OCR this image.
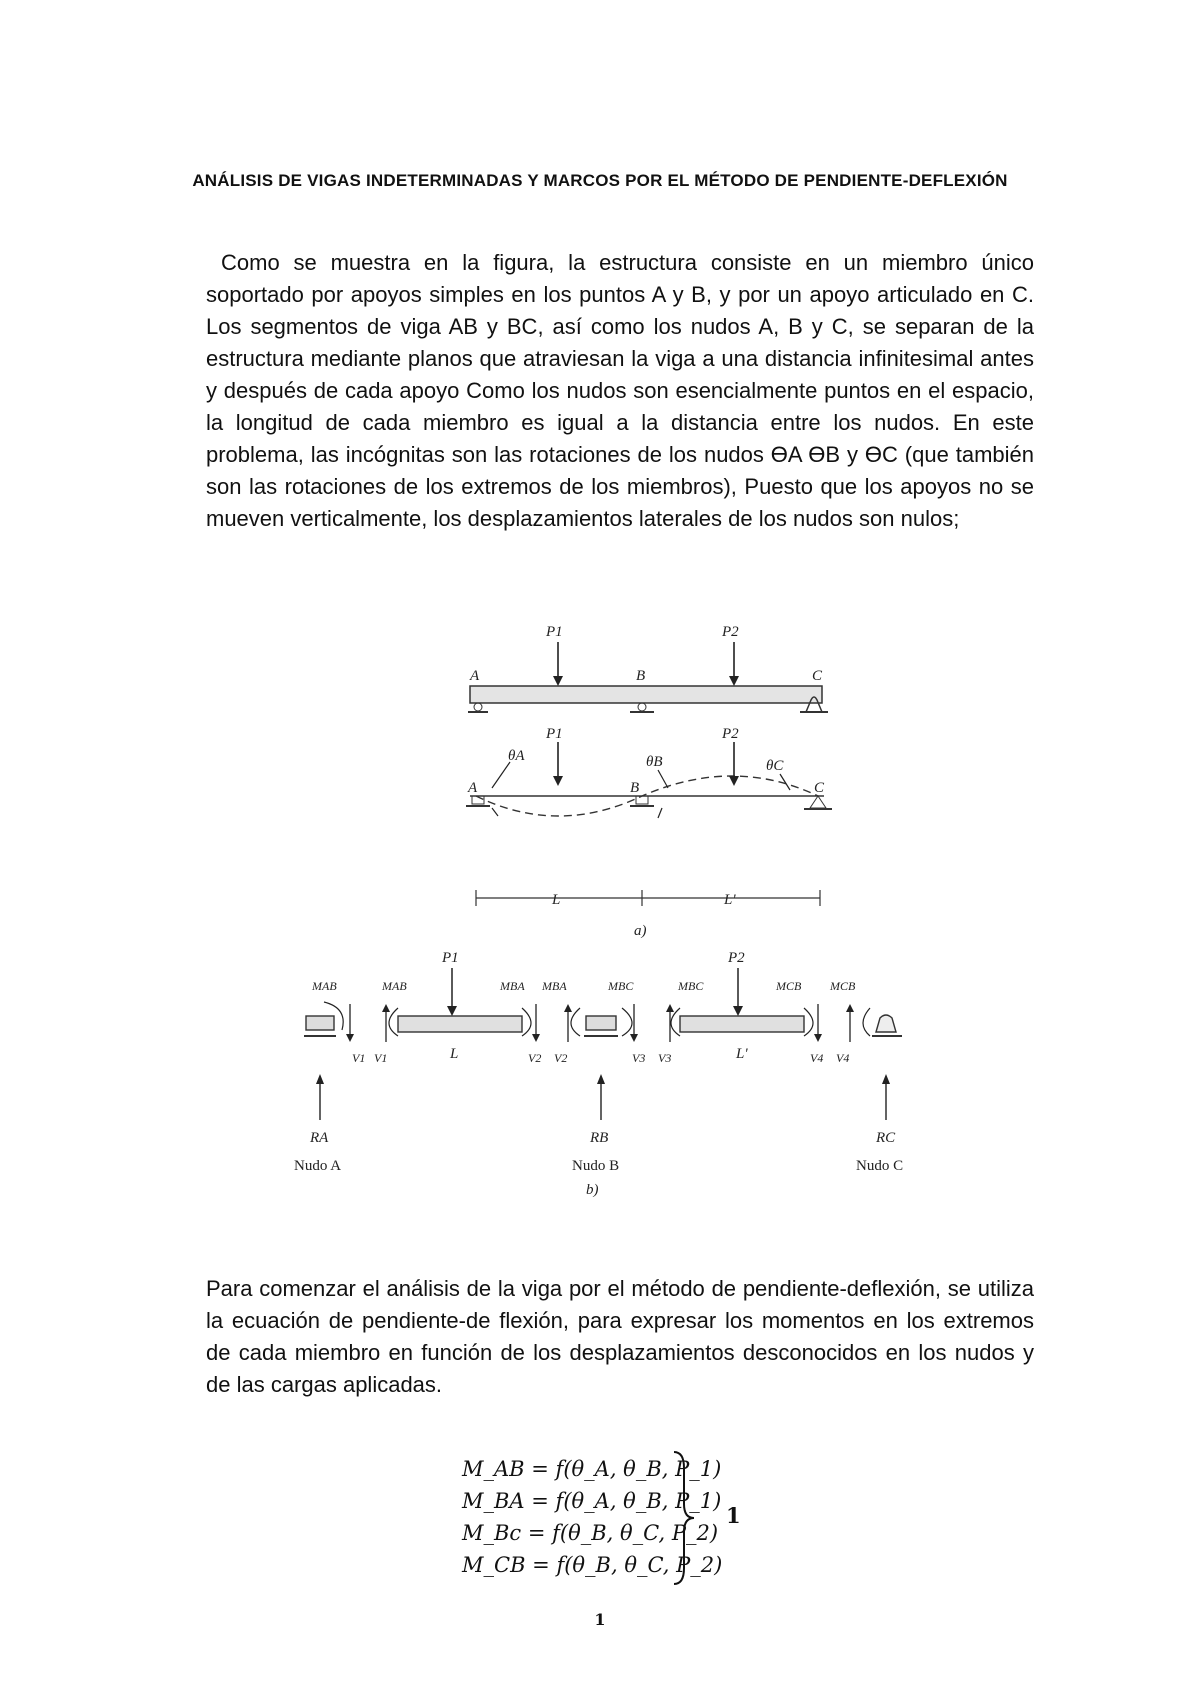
ANÁLISIS DE VIGAS INDETERMINADAS Y MARCOS POR EL MÉTODO DE PENDIENTE-DEFLEXIÓN
Como se muestra en la figura, la estructura consiste en un miembro único soportado por apoyos simples en los puntos A y B, y por un apoyo articulado en C. Los segmentos de viga AB y BC, así como los nudos A, B y C, se separan de la estructura mediante planos que atraviesan la viga a una distancia infinitesimal antes y después de cada apoyo Como los nudos son esencialmente puntos en el espacio, la longitud de cada miembro es igual a la distancia entre los nudos. En este problema, las incógnitas son las rotaciones de los nudos ϴA ϴB y ϴC (que también son las rotaciones de los extremos de los miembros), Puesto que los apoyos no se mueven verticalmente, los desplazamientos laterales de los nudos son nulos;
P1	P2
A	B	C
P1	P2
θA	θB	θC
A	B	C
L	L'
a)
P1	P2
MAB	MAB	MBA MBA	MBC	MBC	MCB MCB
V1 V1	L	V2 V2	V3 V3	L'	V4 V4
RA	RB	RC
Nudo A	Nudo B	Nudo C
b)
Para comenzar el análisis de la viga por el método de pendiente-deflexión, se utiliza la ecuación de pendiente-de flexión, para expresar los momentos en los extremos de cada miembro en función de los desplazamientos desconocidos en los nudos y de las cargas aplicadas.
M_AB = f(θ_A, θ_B, P_1)
M_BA = f(θ_A, θ_B, P_1)
M_Bc = f(θ_B, θ_C, P_2)
M_CB = f(θ_B, θ_C, P_2)
1
1
